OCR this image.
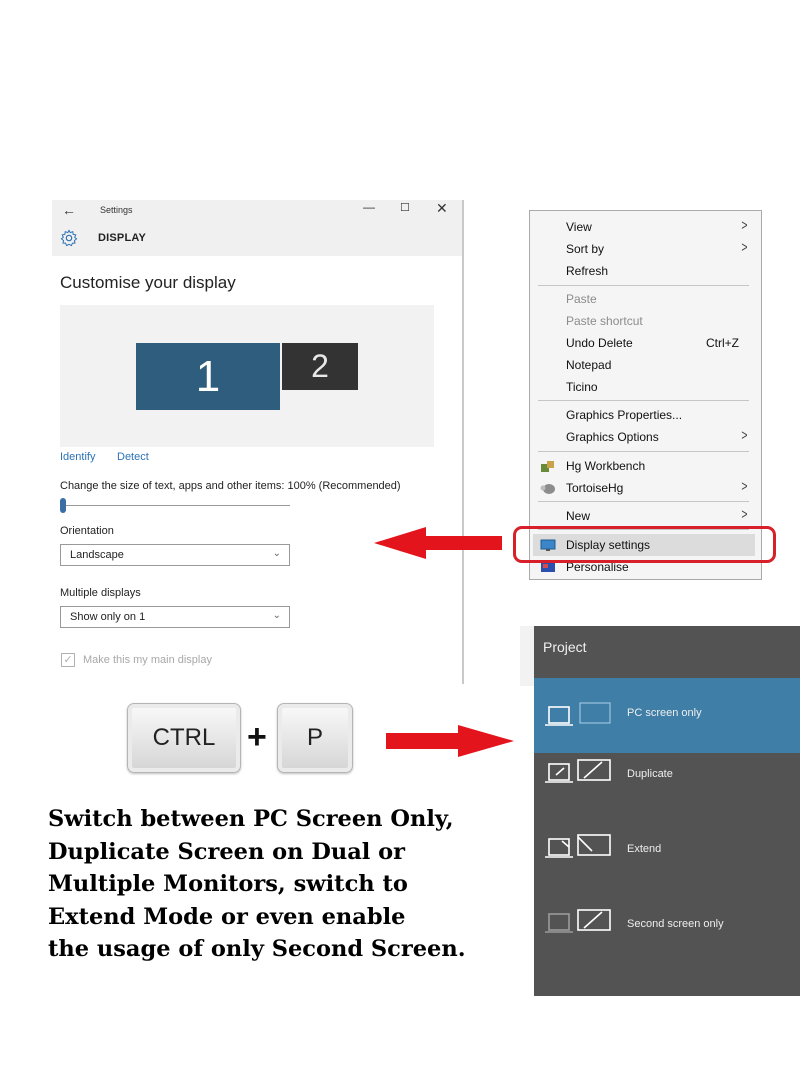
←	Settings	— ☐ ✕
DISPLAY
Customise your display
1	2
Identify Detect
Change the size of text, apps and other items: 100% (Recommended)
Orientation
Landscape	⌄
Multiple displays
Show only on 1	⌄
✓ Make this my main display
View	>
Sort by	>
Refresh
Paste
Paste shortcut
Undo Delete	Ctrl+Z
Notepad
Ticino
Graphics Properties...
Graphics Options	>
Hg Workbench
TortoiseHg	>
New	>
Display settings
Personalise
CTRL +	P
Switch between PC Screen Only,
Duplicate Screen on Dual or
Multiple Monitors, switch to
Extend Mode or even enable
the usage of only Second Screen.
Project
PC screen only
Duplicate
Extend
Second screen only
